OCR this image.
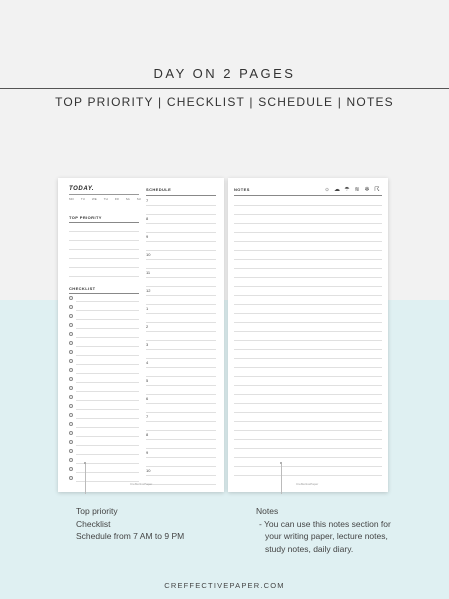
DAY ON 2 PAGES
TOP PRIORITY | CHECKLIST | SCHEDULE | NOTES
TODAY.
MO TU WE TH FR SA SU
TOP PRIORITY
CHECKLIST
SCHEDULE
7
8
9
10
11
12
1
2
3
4
5
6
7
8
9
10
CreffectivePaper
NOTES	☼ ☁ ☂ ≋ ❄ ☈
CreffectivePaper
Top priority
Checklist
Schedule from 7 AM to 9 PM
Notes
- You can use this notes section for
your writing paper, lecture notes,
study notes, daily diary.
CREFFECTIVEPAPER.COM
